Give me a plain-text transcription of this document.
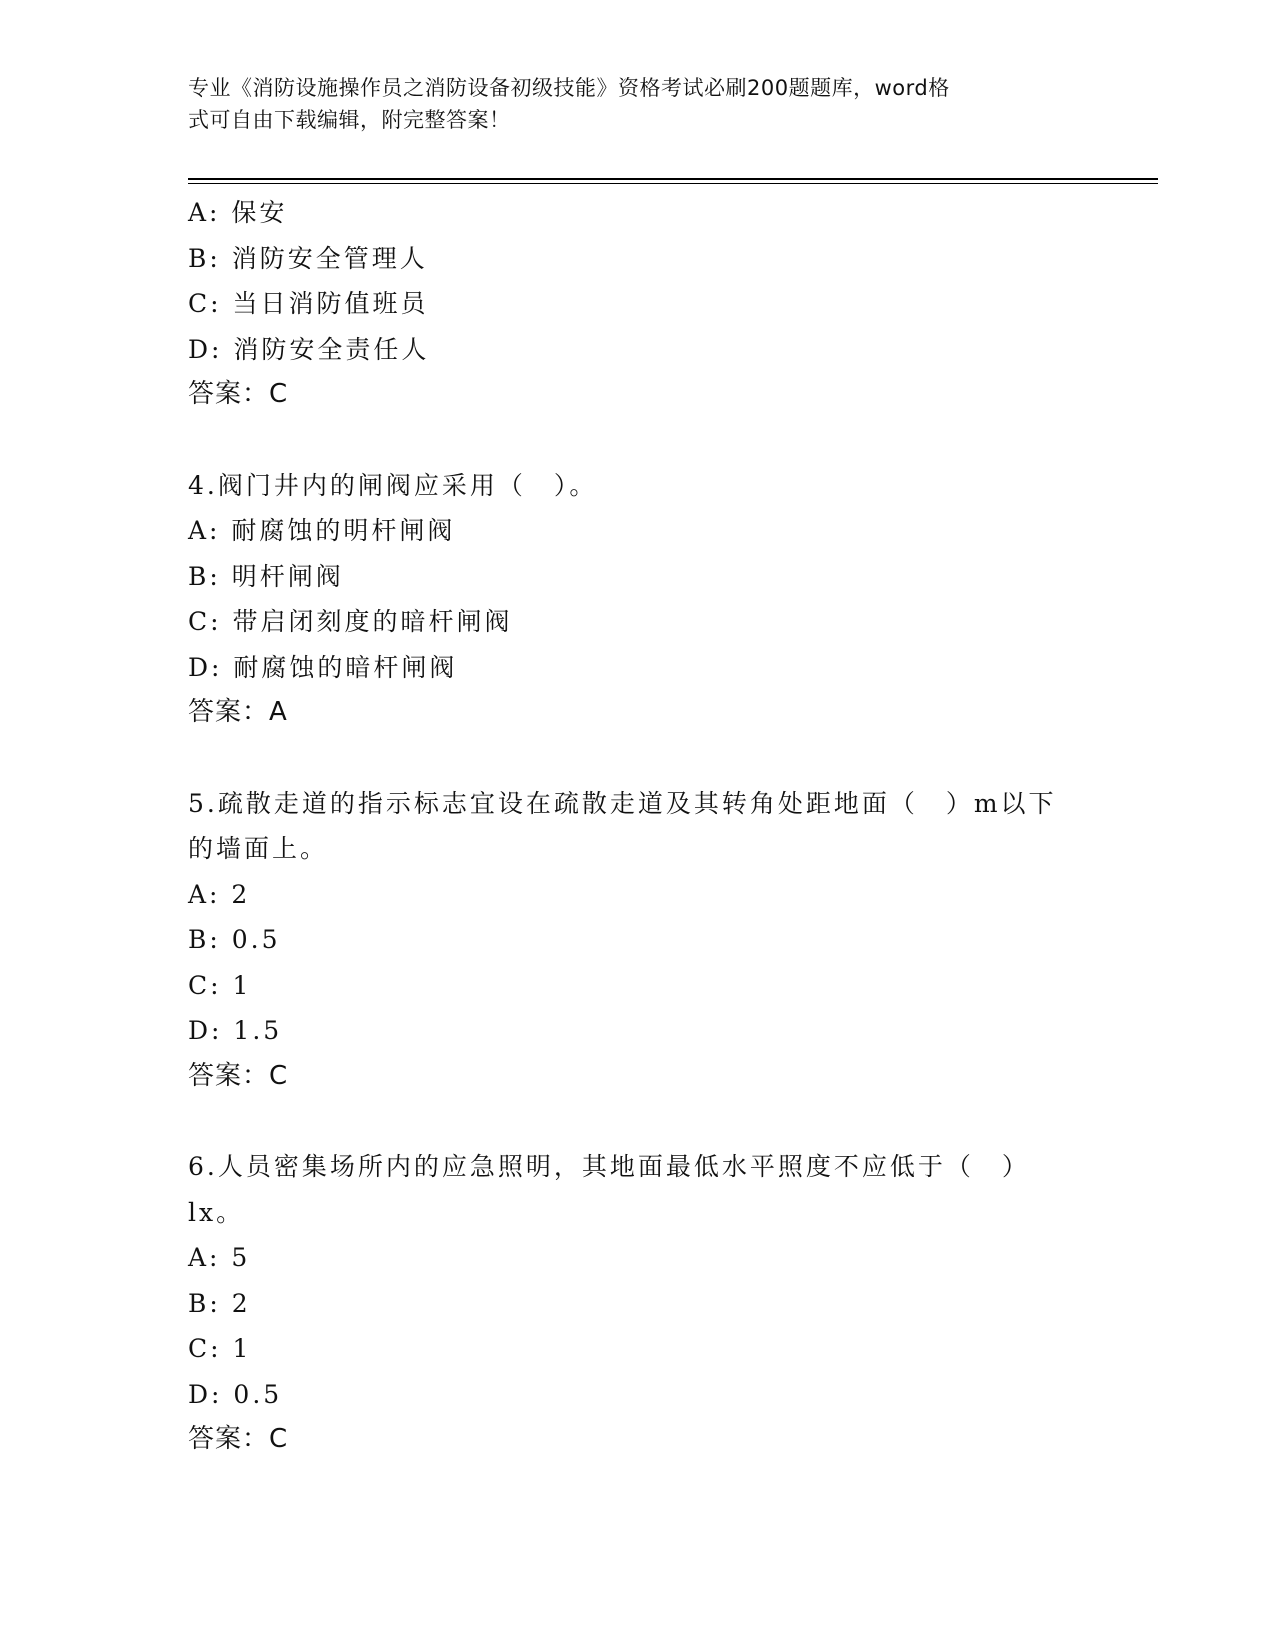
专业《消防设施操作员之消防设备初级技能》资格考试必刷200题题库，word格
式可自由下载编辑，附完整答案！
A: 保安
B: 消防安全管理人
C: 当日消防值班员
D: 消防安全责任人
答案：C
4.阀门井内的闸阀应采用（　）。
A: 耐腐蚀的明杆闸阀
B: 明杆闸阀
C: 带启闭刻度的暗杆闸阀
D: 耐腐蚀的暗杆闸阀
答案：A
5.疏散走道的指示标志宜设在疏散走道及其转角处距地面（　）m以下
的墙面上。
A: 2
B: 0.5
C: 1
D: 1.5
答案：C
6.人员密集场所内的应急照明，其地面最低水平照度不应低于（　）
lx。
A: 5
B: 2
C: 1
D: 0.5
答案：C
